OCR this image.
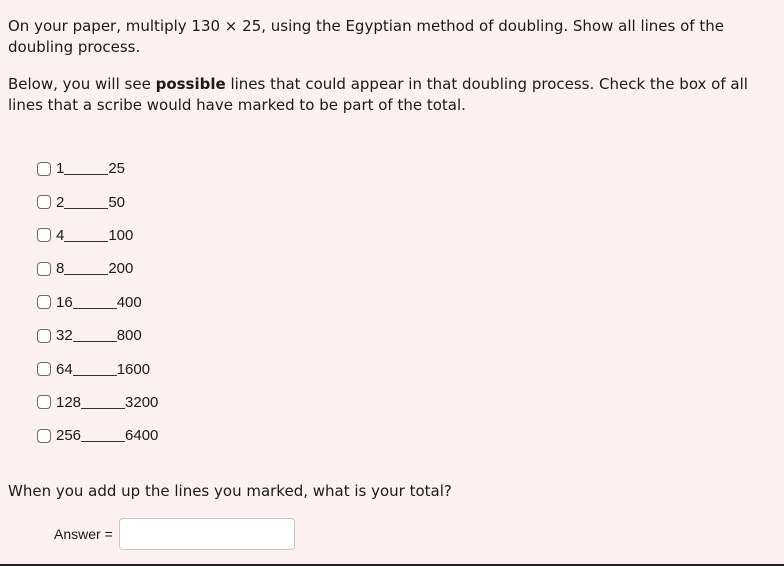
On your paper, multiply 130 × 25, using the Egyptian method of doubling. Show all lines of the doubling process.

Below, you will see possible lines that could appear in that doubling process. Check the box of all lines that a scribe would have marked to be part of the total.

1	25
2	50
4	100
8	200
16	400
32	800
64	1600
128	3200
256	6400
When you add up the lines you marked, what is your total?
Answer =
